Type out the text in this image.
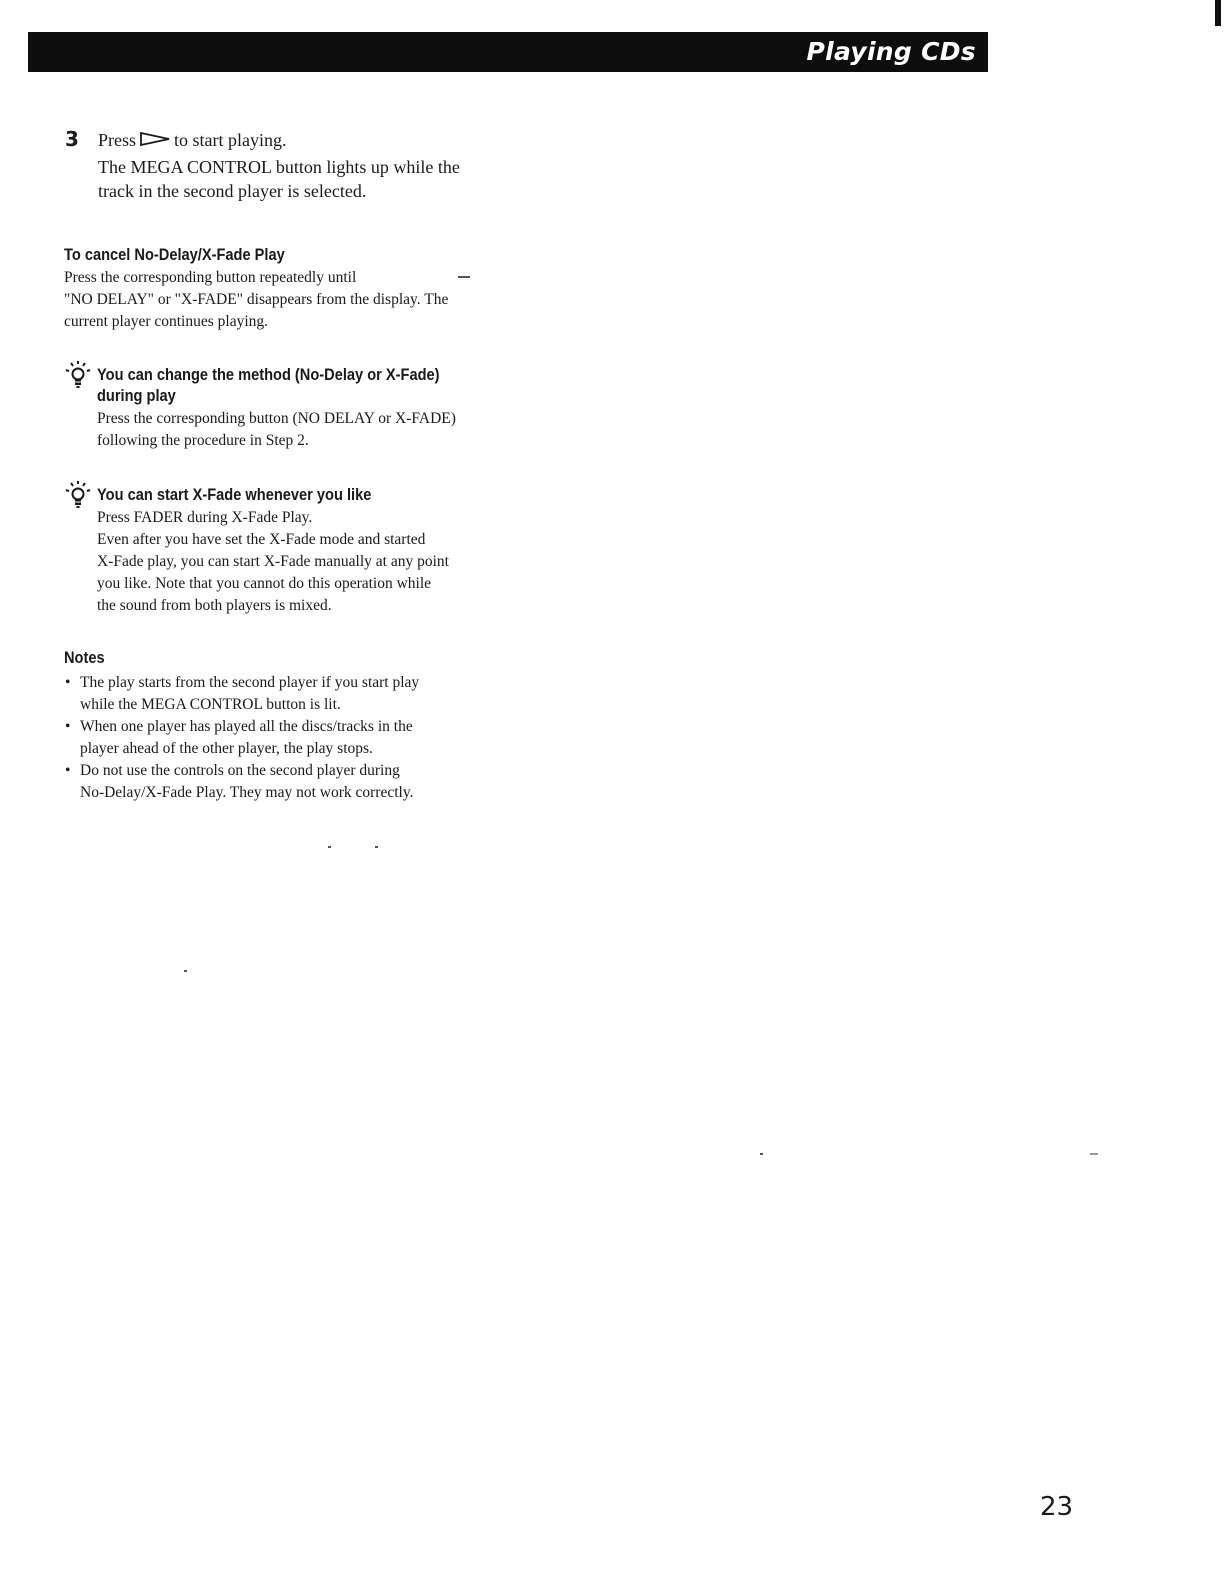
Playing CDs
3 Press to start playing.
The MEGA CONTROL button lights up while the
track in the second player is selected.
To cancel No-Delay/X-Fade Play
Press the corresponding button repeatedly until
"NO DELAY" or "X-FADE" disappears from the display. The
current player continues playing.
You can change the method (No-Delay or X-Fade)
during play
Press the corresponding button (NO DELAY or X-FADE)
following the procedure in Step 2.
You can start X-Fade whenever you like
Press FADER during X-Fade Play.
Even after you have set the X-Fade mode and started
X-Fade play, you can start X-Fade manually at any point
you like. Note that you cannot do this operation while
the sound from both players is mixed.
Notes
• The play starts from the second player if you start play
while the MEGA CONTROL button is lit.
• When one player has played all the discs/tracks in the
player ahead of the other player, the play stops.
• Do not use the controls on the second player during
No-Delay/X-Fade Play. They may not work correctly.
23
